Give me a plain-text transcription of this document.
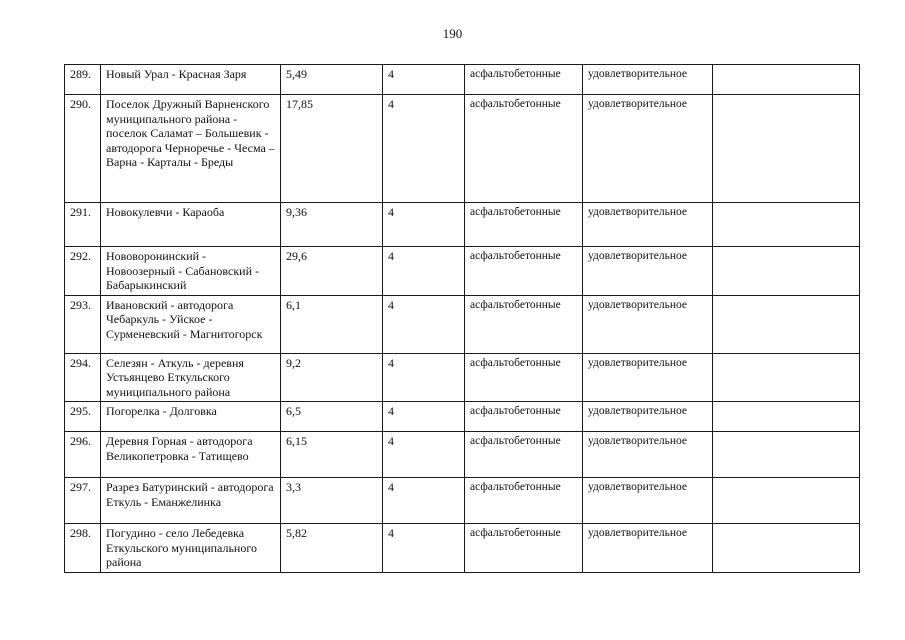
190
289.	Новый Урал - Красная Заря	5,49	4	асфальтобетонные	удовлетворительное	
290.	Поселок Дружный Варненского муниципального района - поселок Саламат – Большевик - автодорога Черноречье - Чесма – Варна - Карталы - Бреды	17,85	4	асфальтобетонные	удовлетворительное	
291.	Новокулевчи - Караоба	9,36	4	асфальтобетонные	удовлетворительное	
292.	Нововоронинский - Новоозерный - Сабановский - Бабарыкинский	29,6	4	асфальтобетонные	удовлетворительное	
293.	Ивановский - автодорога Чебаркуль - Уйское - Сурменевский - Магнитогорск	6,1	4	асфальтобетонные	удовлетворительное	
294.	Селезян - Аткуль - деревня Устьянцево Еткульского муниципального района	9,2	4	асфальтобетонные	удовлетворительное	
295.	Погорелка - Долговка	6,5	4	асфальтобетонные	удовлетворительное	
296.	Деревня Горная - автодорога Великопетровка - Татищево	6,15	4	асфальтобетонные	удовлетворительное	
297.	Разрез Батуринский - автодорога Еткуль - Еманжелинка	3,3	4	асфальтобетонные	удовлетворительное	
298.	Погудино - село Лебедевка Еткульского муниципального района	5,82	4	асфальтобетонные	удовлетворительное	
